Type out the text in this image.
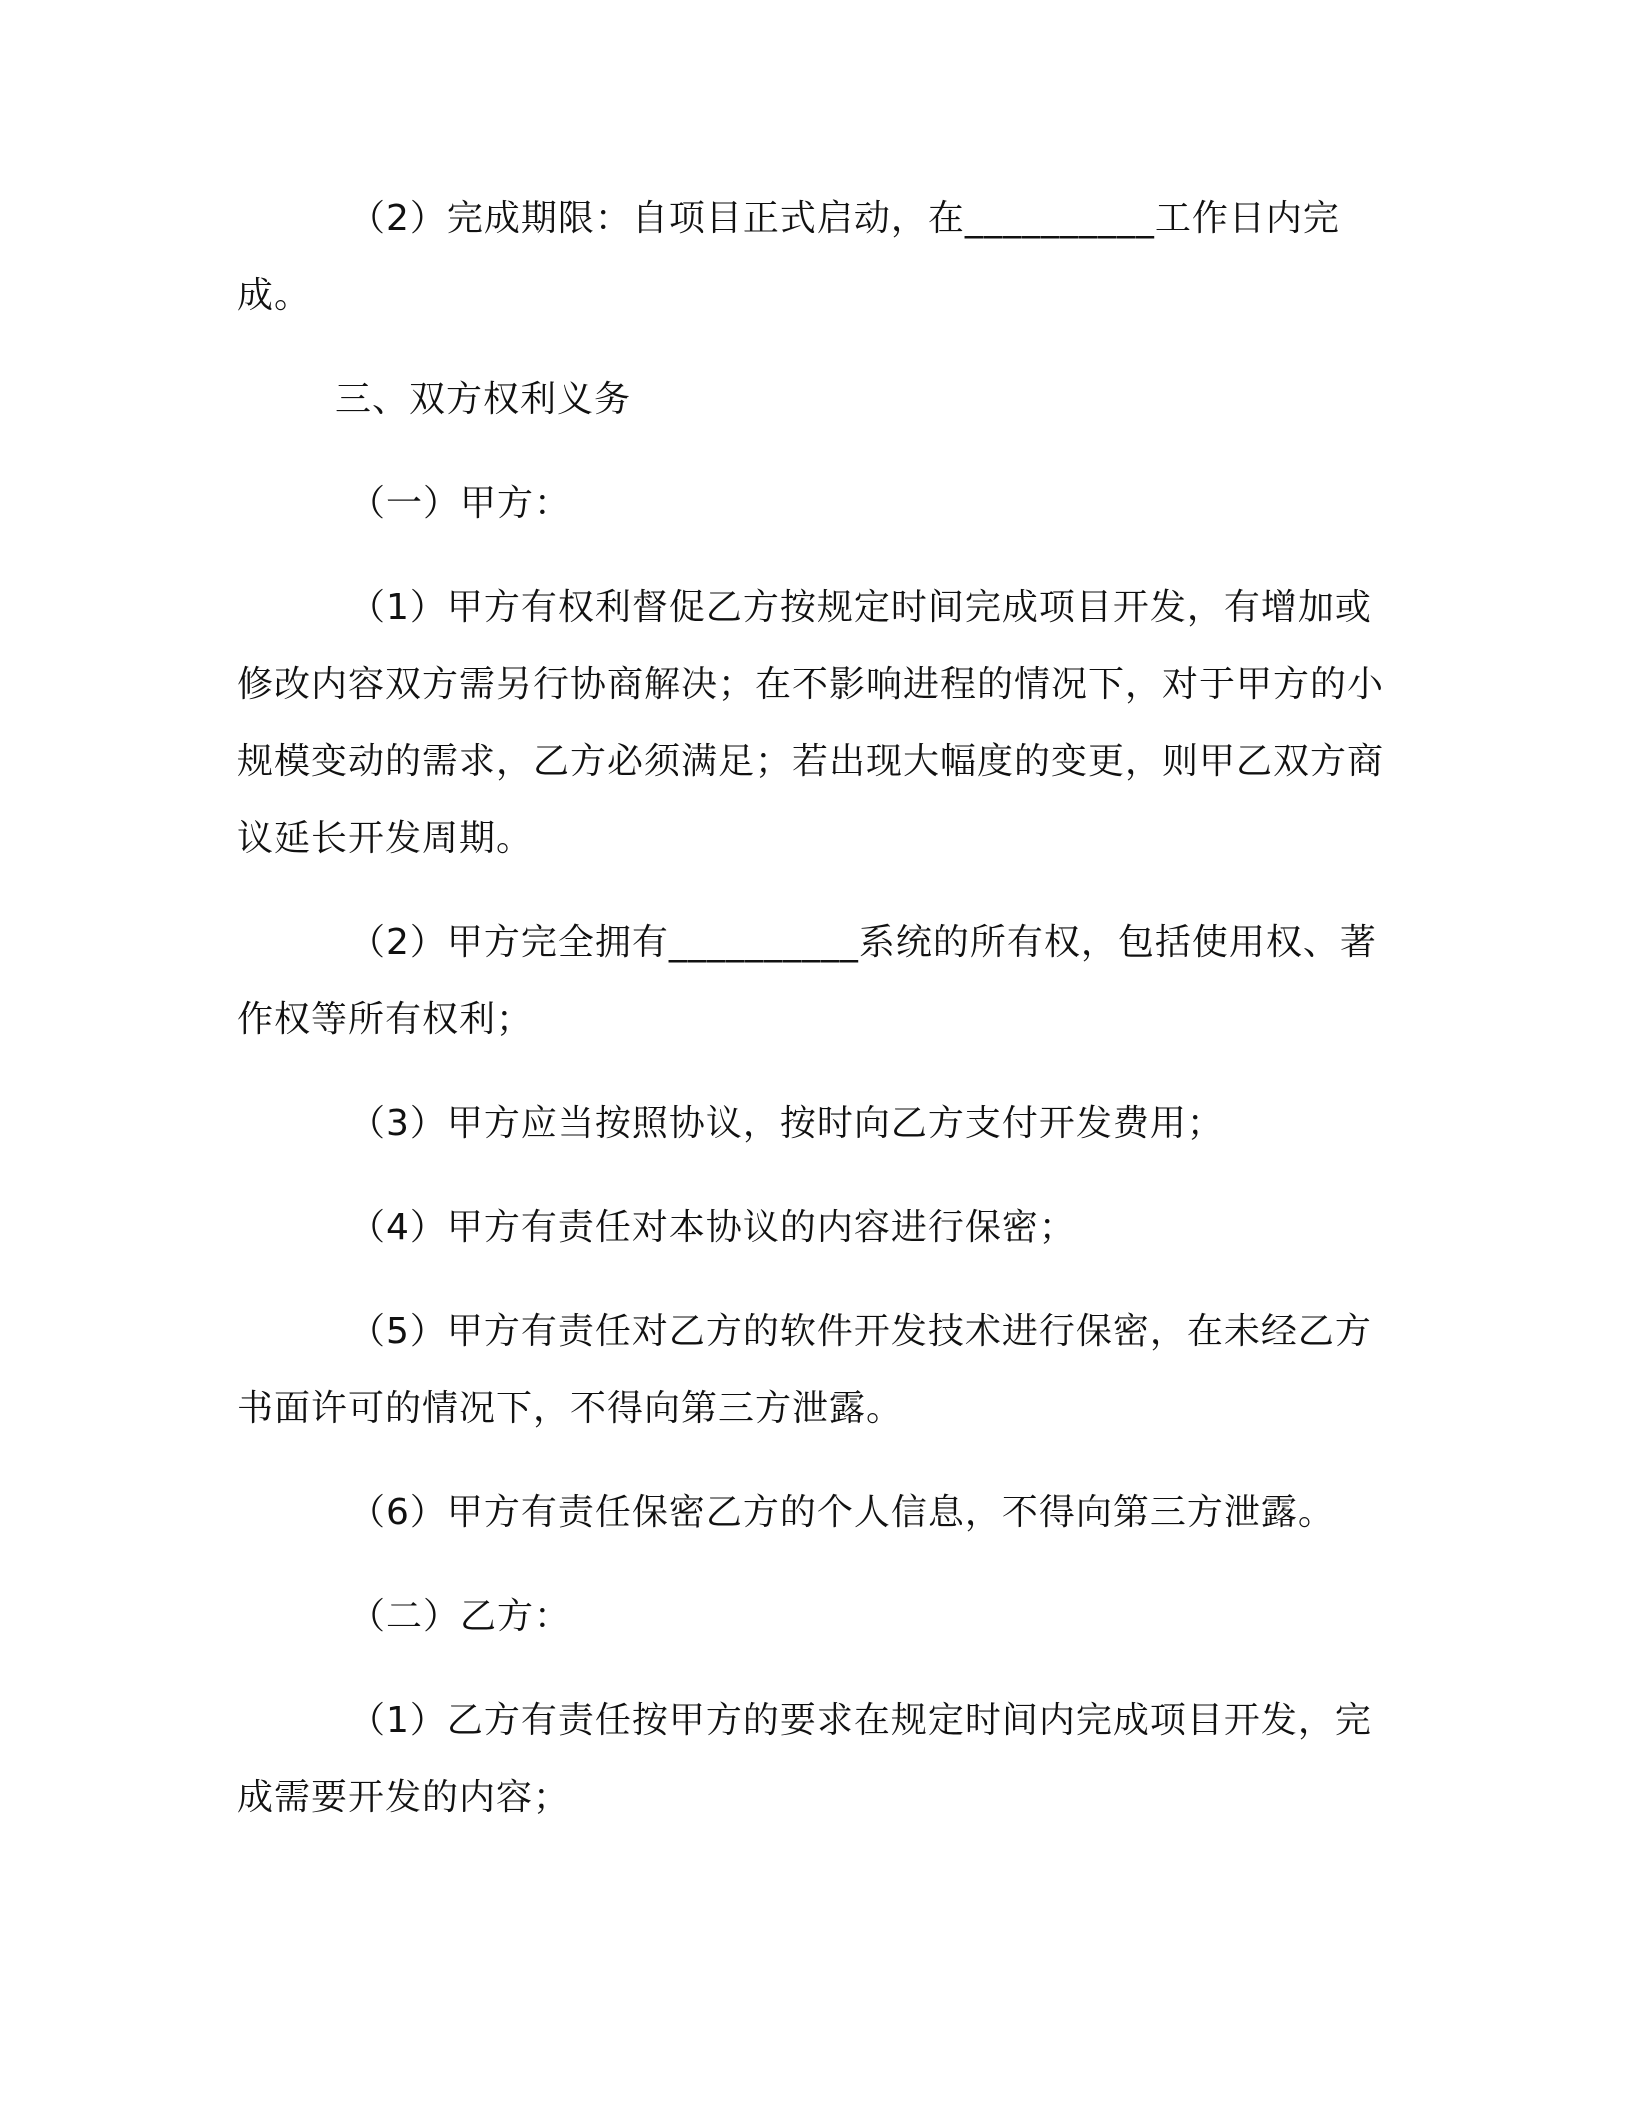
（2）完成期限：自项目正式启动，在__________工作日内完成。

三、双方权利义务

（一）甲方：

（1）甲方有权利督促乙方按规定时间完成项目开发，有增加或修改内容双方需另行协商解决；在不影响进程的情况下，对于甲方的小规模变动的需求，乙方必须满足；若出现大幅度的变更，则甲乙双方商议延长开发周期。

（2）甲方完全拥有__________系统的所有权，包括使用权、著作权等所有权利；

（3）甲方应当按照协议，按时向乙方支付开发费用；

（4）甲方有责任对本协议的内容进行保密；

（5）甲方有责任对乙方的软件开发技术进行保密，在未经乙方书面许可的情况下，不得向第三方泄露。

（6）甲方有责任保密乙方的个人信息，不得向第三方泄露。

（二）乙方：

（1）乙方有责任按甲方的要求在规定时间内完成项目开发，完成需要开发的内容；
